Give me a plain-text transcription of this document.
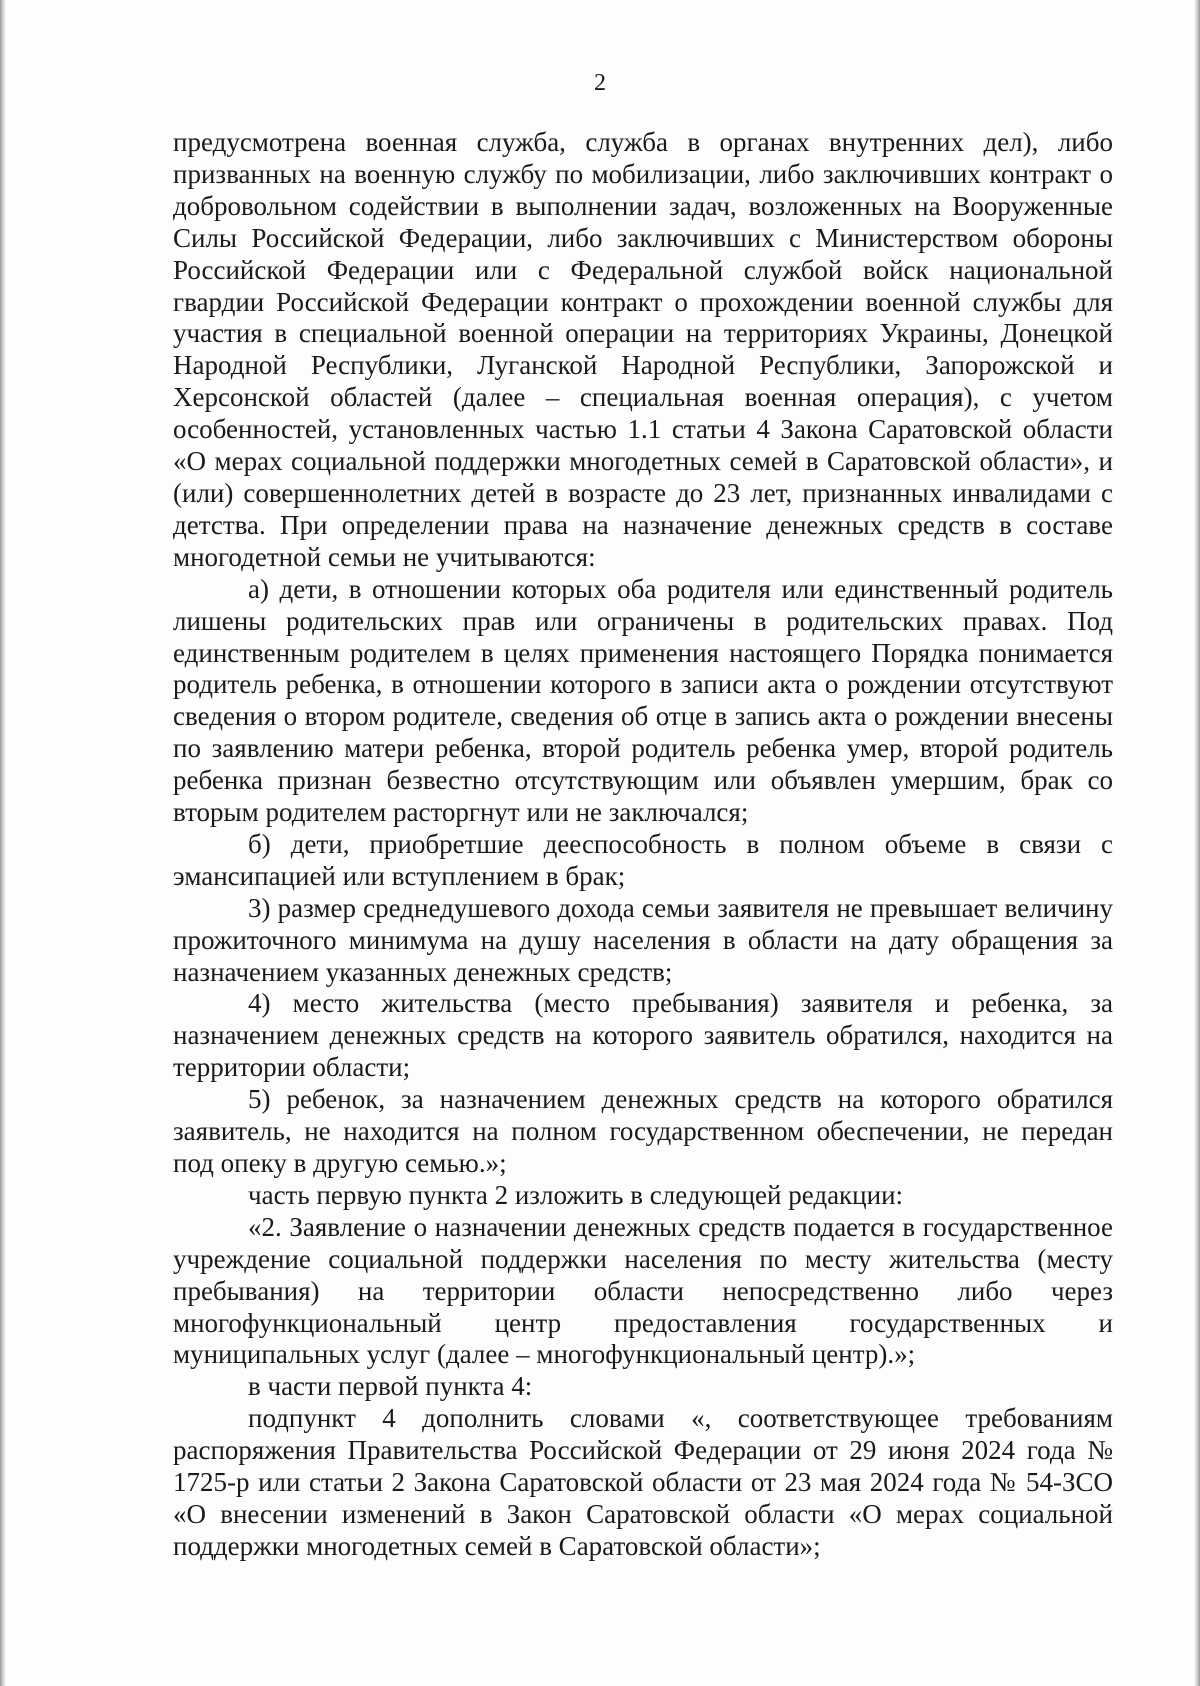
2

предусмотрена военная служба, служба в органах внутренних дел), либо призванных на военную службу по мобилизации, либо заключивших контракт о добровольном содействии в выполнении задач, возложенных на Вооруженные Силы Российской Федерации, либо заключивших с Министерством обороны Российской Федерации или с Федеральной службой войск национальной гвардии Российской Федерации контракт о прохождении военной службы для участия в специальной военной операции на территориях Украины, Донецкой Народной Республики, Луганской Народной Республики, Запорожской и Херсонской областей (далее – специальная военная операция), с учетом особенностей, установленных частью 1.1 статьи 4 Закона Саратовской области «О мерах социальной поддержки многодетных семей в Саратовской области», и (или) совершеннолетних детей в возрасте до 23 лет, признанных инвалидами с детства. При определении права на назначение денежных средств в составе многодетной семьи не учитываются:

а) дети, в отношении которых оба родителя или единственный родитель лишены родительских прав или ограничены в родительских правах. Под единственным родителем в целях применения настоящего Порядка понимается родитель ребенка, в отношении которого в записи акта о рождении отсутствуют сведения о втором родителе, сведения об отце в запись акта о рождении внесены по заявлению матери ребенка, второй родитель ребенка умер, второй родитель ребенка признан безвестно отсутствующим или объявлен умершим, брак со вторым родителем расторгнут или не заключался;

б) дети, приобретшие дееспособность в полном объеме в связи с эмансипацией или вступлением в брак;

3) размер среднедушевого дохода семьи заявителя не превышает величину прожиточного минимума на душу населения в области на дату обращения за назначением указанных денежных средств;

4) место жительства (место пребывания) заявителя и ребенка, за назначением денежных средств на которого заявитель обратился, находится на территории области;

5) ребенок, за назначением денежных средств на которого обратился заявитель, не находится на полном государственном обеспечении, не передан под опеку в другую семью.»;

часть первую пункта 2 изложить в следующей редакции:

«2. Заявление о назначении денежных средств подается в государственное учреждение социальной поддержки населения по месту жительства (месту пребывания) на территории области непосредственно либо через многофункциональный центр предоставления государственных и муниципальных услуг (далее – многофункциональный центр).»;

в части первой пункта 4:

подпункт 4 дополнить словами «, соответствующее требованиям распоряжения Правительства Российской Федерации от 29 июня 2024 года № 1725-р или статьи 2 Закона Саратовской области от 23 мая 2024 года № 54-ЗСО «О внесении изменений в Закон Саратовской области «О мерах социальной поддержки многодетных семей в Саратовской области»;
